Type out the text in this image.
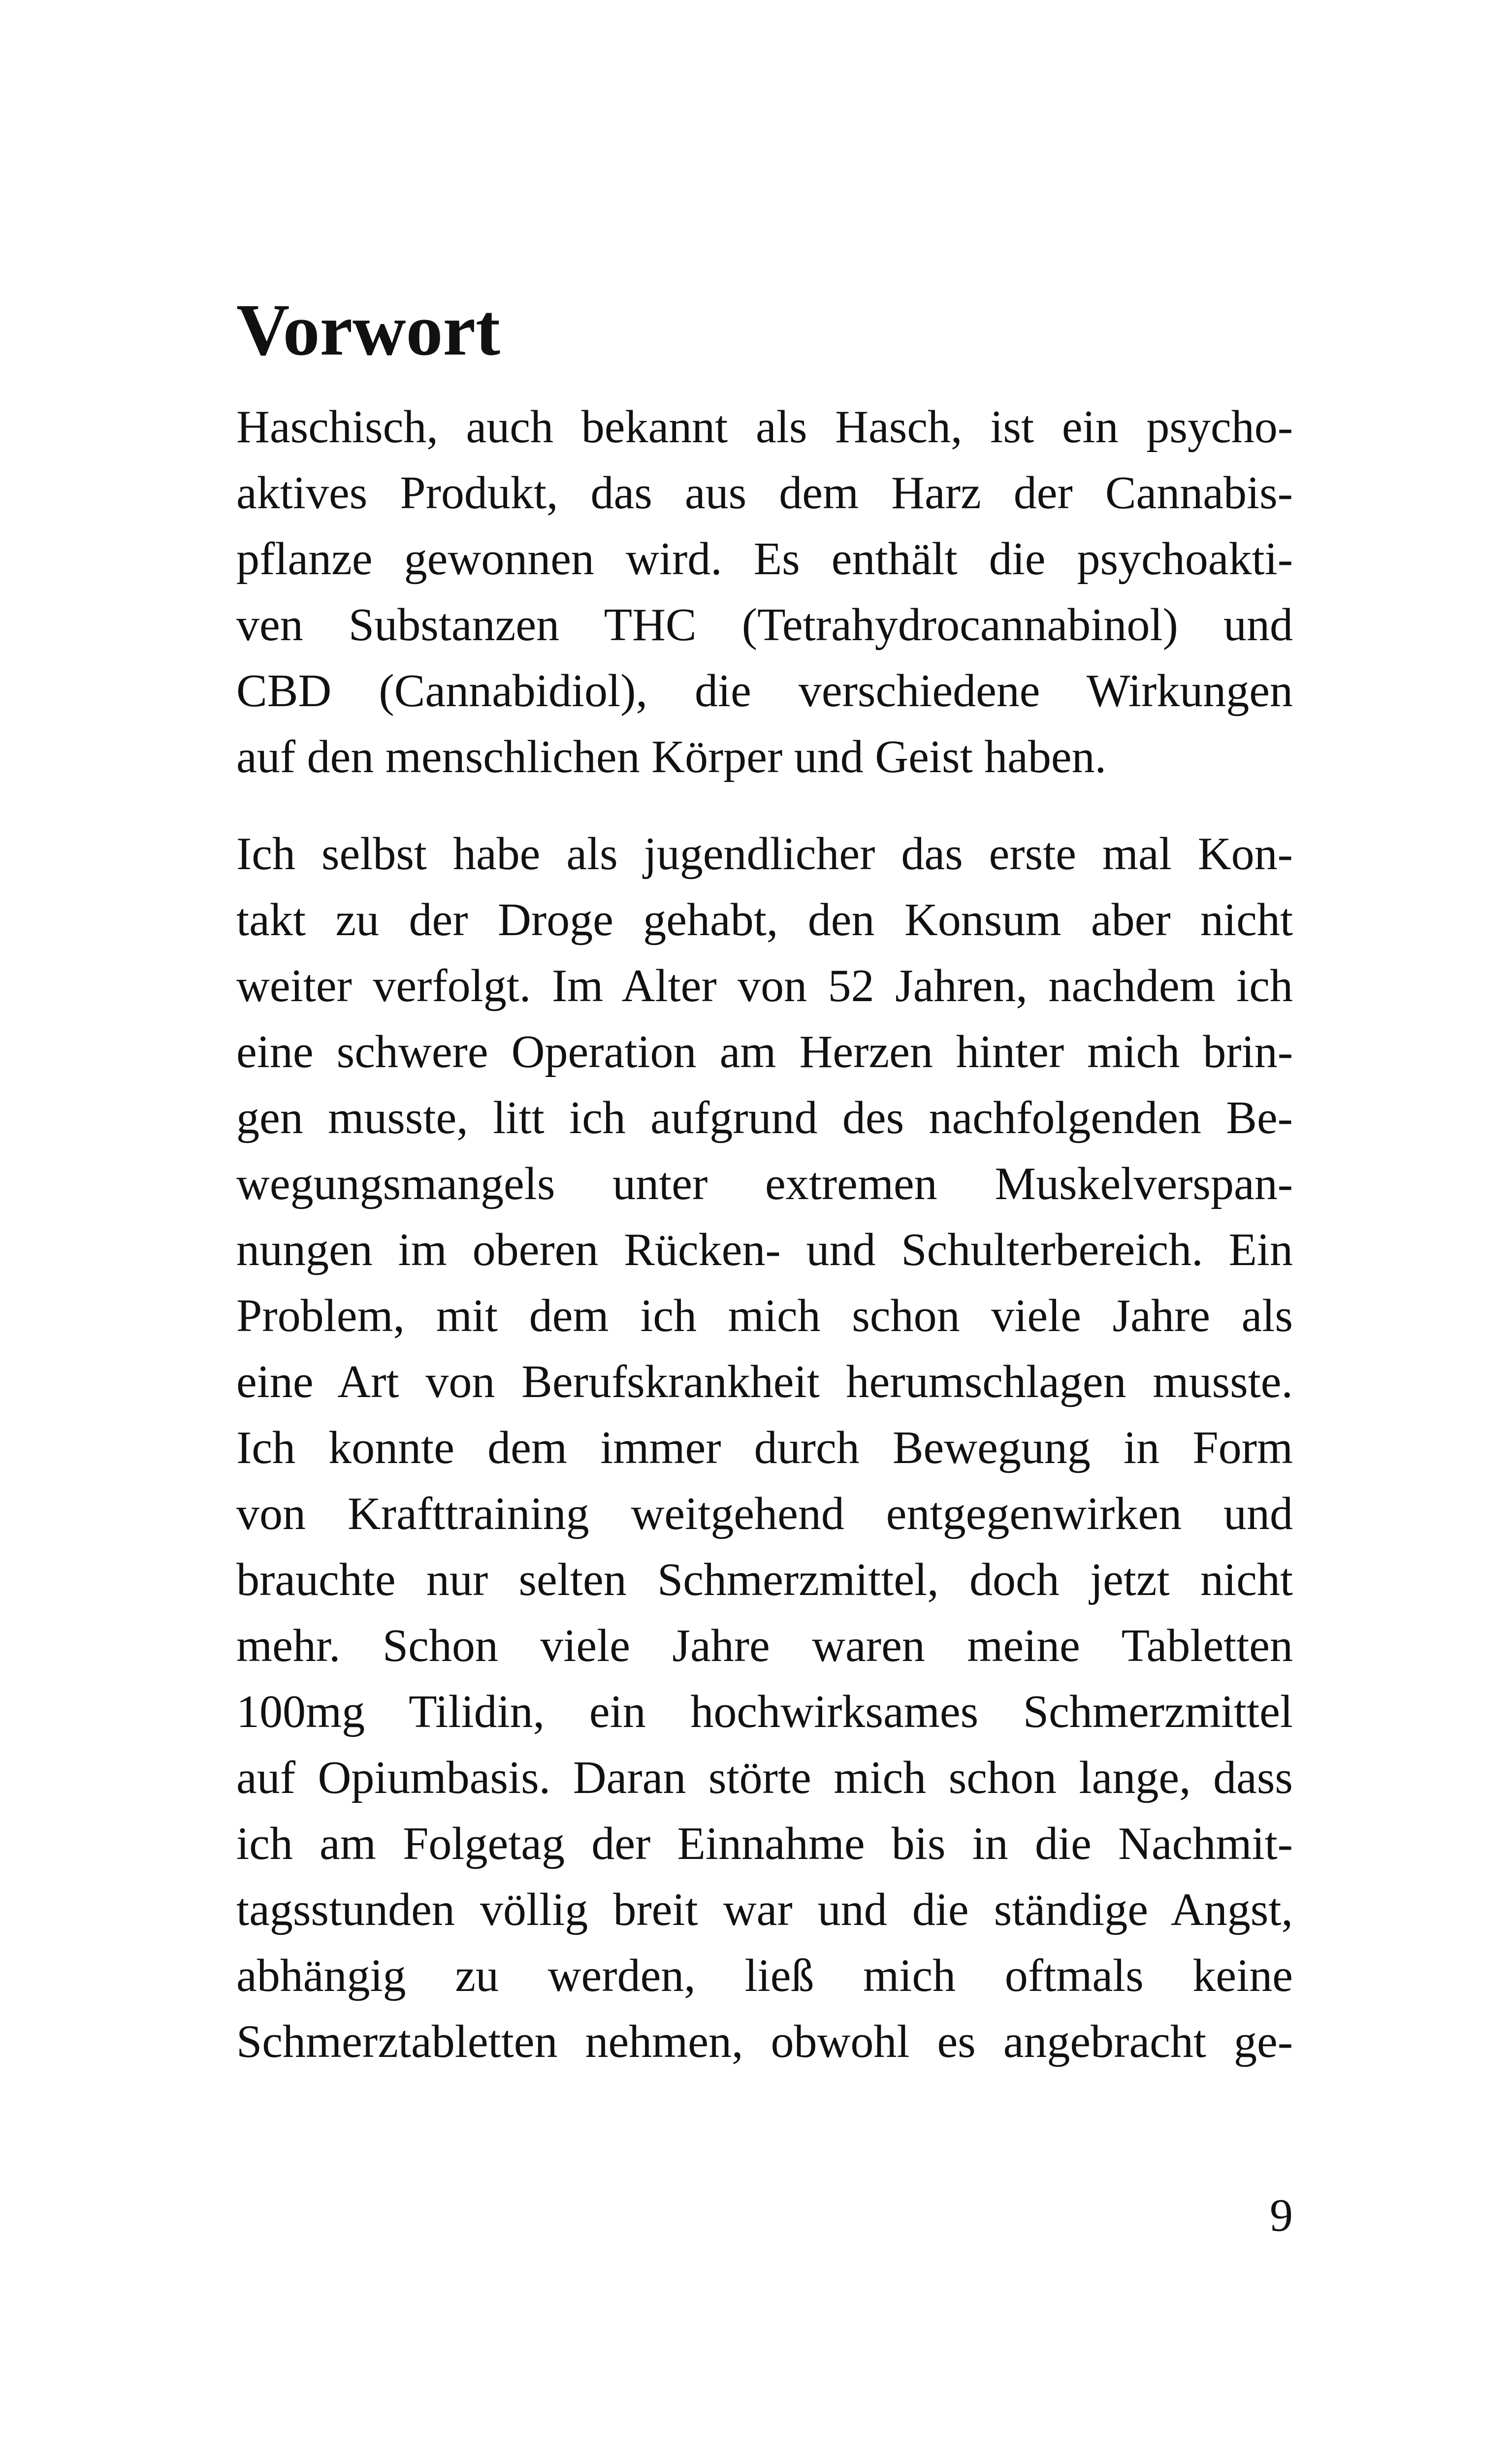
Vorwort

Haschisch, auch bekannt als Hasch, ist ein psycho-

aktives Produkt, das aus dem Harz der Cannabis-

pflanze gewonnen wird. Es enthält die psychoakti-

ven Substanzen THC (Tetrahydrocannabinol) und

CBD (Cannabidiol), die verschiedene Wirkungen

auf den menschlichen Körper und Geist haben.

Ich selbst habe als jugendlicher das erste mal Kon-

takt zu der Droge gehabt, den Konsum aber nicht

weiter verfolgt. Im Alter von 52 Jahren, nachdem ich

eine schwere Operation am Herzen hinter mich brin-

gen musste, litt ich aufgrund des nachfolgenden Be-

wegungsmangels unter extremen Muskelverspan-

nungen im oberen Rücken- und Schulterbereich. Ein

Problem, mit dem ich mich schon viele Jahre als

eine Art von Berufskrankheit herumschlagen musste.

Ich konnte dem immer durch Bewegung in Form

von Krafttraining weitgehend entgegenwirken und

brauchte nur selten Schmerzmittel, doch jetzt nicht

mehr. Schon viele Jahre waren meine Tabletten

100mg Tilidin, ein hochwirksames Schmerzmittel

auf Opiumbasis. Daran störte mich schon lange, dass

ich am Folgetag der Einnahme bis in die Nachmit-

tagsstunden völlig breit war und die ständige Angst,

abhängig zu werden, ließ mich oftmals keine

Schmerztabletten nehmen, obwohl es angebracht ge-

9
